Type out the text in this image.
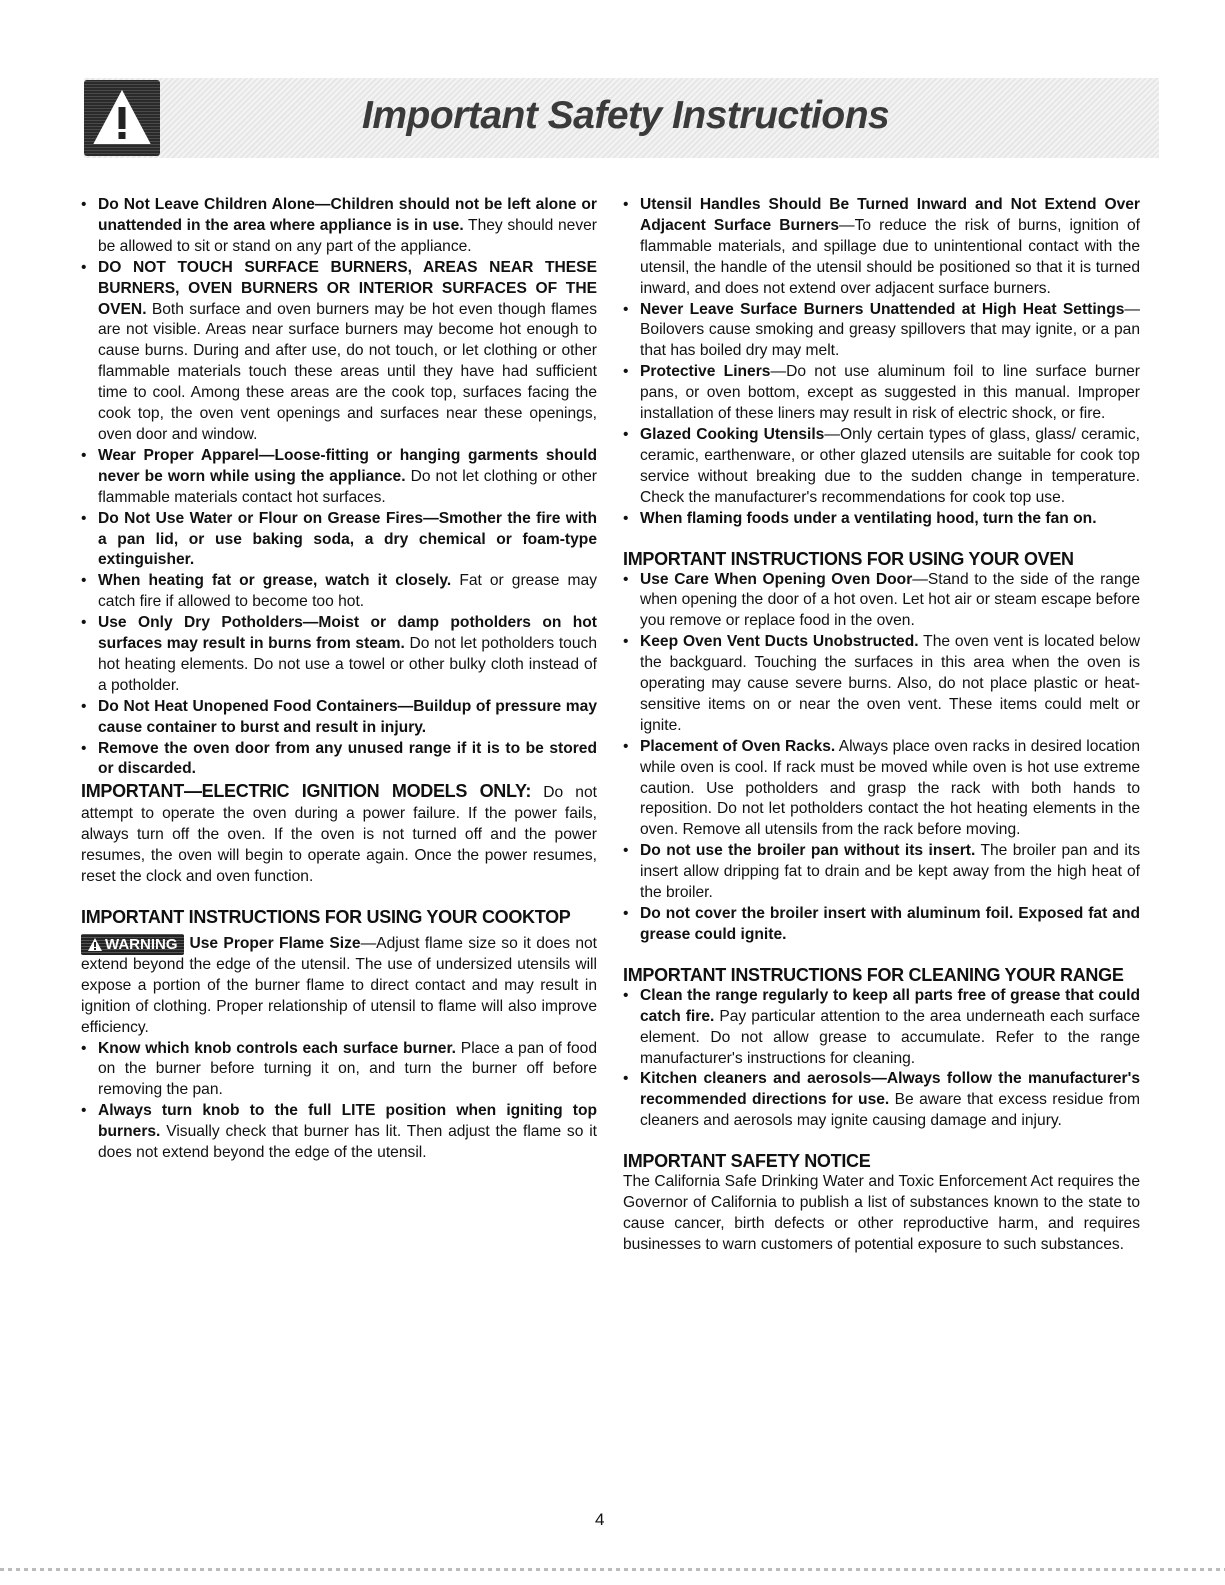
Important Safety Instructions

• Do Not Leave Children Alone—Children should not be left alone or unattended in the area where appliance is in use. They should never be allowed to sit or stand on any part of the appliance.

• DO NOT TOUCH SURFACE BURNERS, AREAS NEAR THESE BURNERS, OVEN BURNERS OR INTERIOR SURFACES OF THE OVEN. Both surface and oven burners may be hot even though flames are not visible. Areas near surface burners may become hot enough to cause burns. During and after use, do not touch, or let clothing or other flammable materials touch these areas until they have had sufficient time to cool. Among these areas are the cook top, surfaces facing the cook top, the oven vent openings and surfaces near these openings, oven door and window.

• Wear Proper Apparel—Loose-fitting or hanging garments should never be worn while using the appliance. Do not let clothing or other flammable materials contact hot surfaces.

• Do Not Use Water or Flour on Grease Fires—Smother the fire with a pan lid, or use baking soda, a dry chemical or foam-type extinguisher.

• When heating fat or grease, watch it closely. Fat or grease may catch fire if allowed to become too hot.

• Use Only Dry Potholders—Moist or damp potholders on hot surfaces may result in burns from steam. Do not let potholders touch hot heating elements. Do not use a towel or other bulky cloth instead of a potholder.

• Do Not Heat Unopened Food Containers—Buildup of pressure may cause container to burst and result in injury.

• Remove the oven door from any unused range if it is to be stored or discarded.

IMPORTANT—ELECTRIC IGNITION MODELS ONLY: Do not attempt to operate the oven during a power failure. If the power fails, always turn off the oven. If the oven is not turned off and the power resumes, the oven will begin to operate again. Once the power resumes, reset the clock and oven function.

IMPORTANT INSTRUCTIONS FOR USING YOUR COOKTOP

WARNING Use Proper Flame Size—Adjust flame size so it does not extend beyond the edge of the utensil. The use of undersized utensils will expose a portion of the burner flame to direct contact and may result in ignition of clothing. Proper relationship of utensil to flame will also improve efficiency.

• Know which knob controls each surface burner. Place a pan of food on the burner before turning it on, and turn the burner off before removing the pan.

• Always turn knob to the full LITE position when igniting top burners. Visually check that burner has lit. Then adjust the flame so it does not extend beyond the edge of the utensil.

• Utensil Handles Should Be Turned Inward and Not Extend Over Adjacent Surface Burners—To reduce the risk of burns, ignition of flammable materials, and spillage due to unintentional contact with the utensil, the handle of the utensil should be positioned so that it is turned inward, and does not extend over adjacent surface burners.

• Never Leave Surface Burners Unattended at High Heat Settings—Boilovers cause smoking and greasy spillovers that may ignite, or a pan that has boiled dry may melt.

• Protective Liners—Do not use aluminum foil to line surface burner pans, or oven bottom, except as suggested in this manual. Improper installation of these liners may result in risk of electric shock, or fire.

• Glazed Cooking Utensils—Only certain types of glass, glass/ ceramic, ceramic, earthenware, or other glazed utensils are suitable for cook top service without breaking due to the sudden change in temperature. Check the manufacturer's recommendations for cook top use.

• When flaming foods under a ventilating hood, turn the fan on.

IMPORTANT INSTRUCTIONS FOR USING YOUR OVEN

• Use Care When Opening Oven Door—Stand to the side of the range when opening the door of a hot oven. Let hot air or steam escape before you remove or replace food in the oven.

• Keep Oven Vent Ducts Unobstructed. The oven vent is located below the backguard. Touching the surfaces in this area when the oven is operating may cause severe burns. Also, do not place plastic or heat-sensitive items on or near the oven vent. These items could melt or ignite.

• Placement of Oven Racks. Always place oven racks in desired location while oven is cool. If rack must be moved while oven is hot use extreme caution. Use potholders and grasp the rack with both hands to reposition. Do not let potholders contact the hot heating elements in the oven. Remove all utensils from the rack before moving.

• Do not use the broiler pan without its insert. The broiler pan and its insert allow dripping fat to drain and be kept away from the high heat of the broiler.

• Do not cover the broiler insert with aluminum foil. Exposed fat and grease could ignite.

IMPORTANT INSTRUCTIONS FOR CLEANING YOUR RANGE

• Clean the range regularly to keep all parts free of grease that could catch fire. Pay particular attention to the area underneath each surface element. Do not allow grease to accumulate. Refer to the range manufacturer's instructions for cleaning.

• Kitchen cleaners and aerosols—Always follow the manufacturer's recommended directions for use. Be aware that excess residue from cleaners and aerosols may ignite causing damage and injury.

IMPORTANT SAFETY NOTICE

The California Safe Drinking Water and Toxic Enforcement Act requires the Governor of California to publish a list of substances known to the state to cause cancer, birth defects or other reproductive harm, and requires businesses to warn customers of potential exposure to such substances.

4
